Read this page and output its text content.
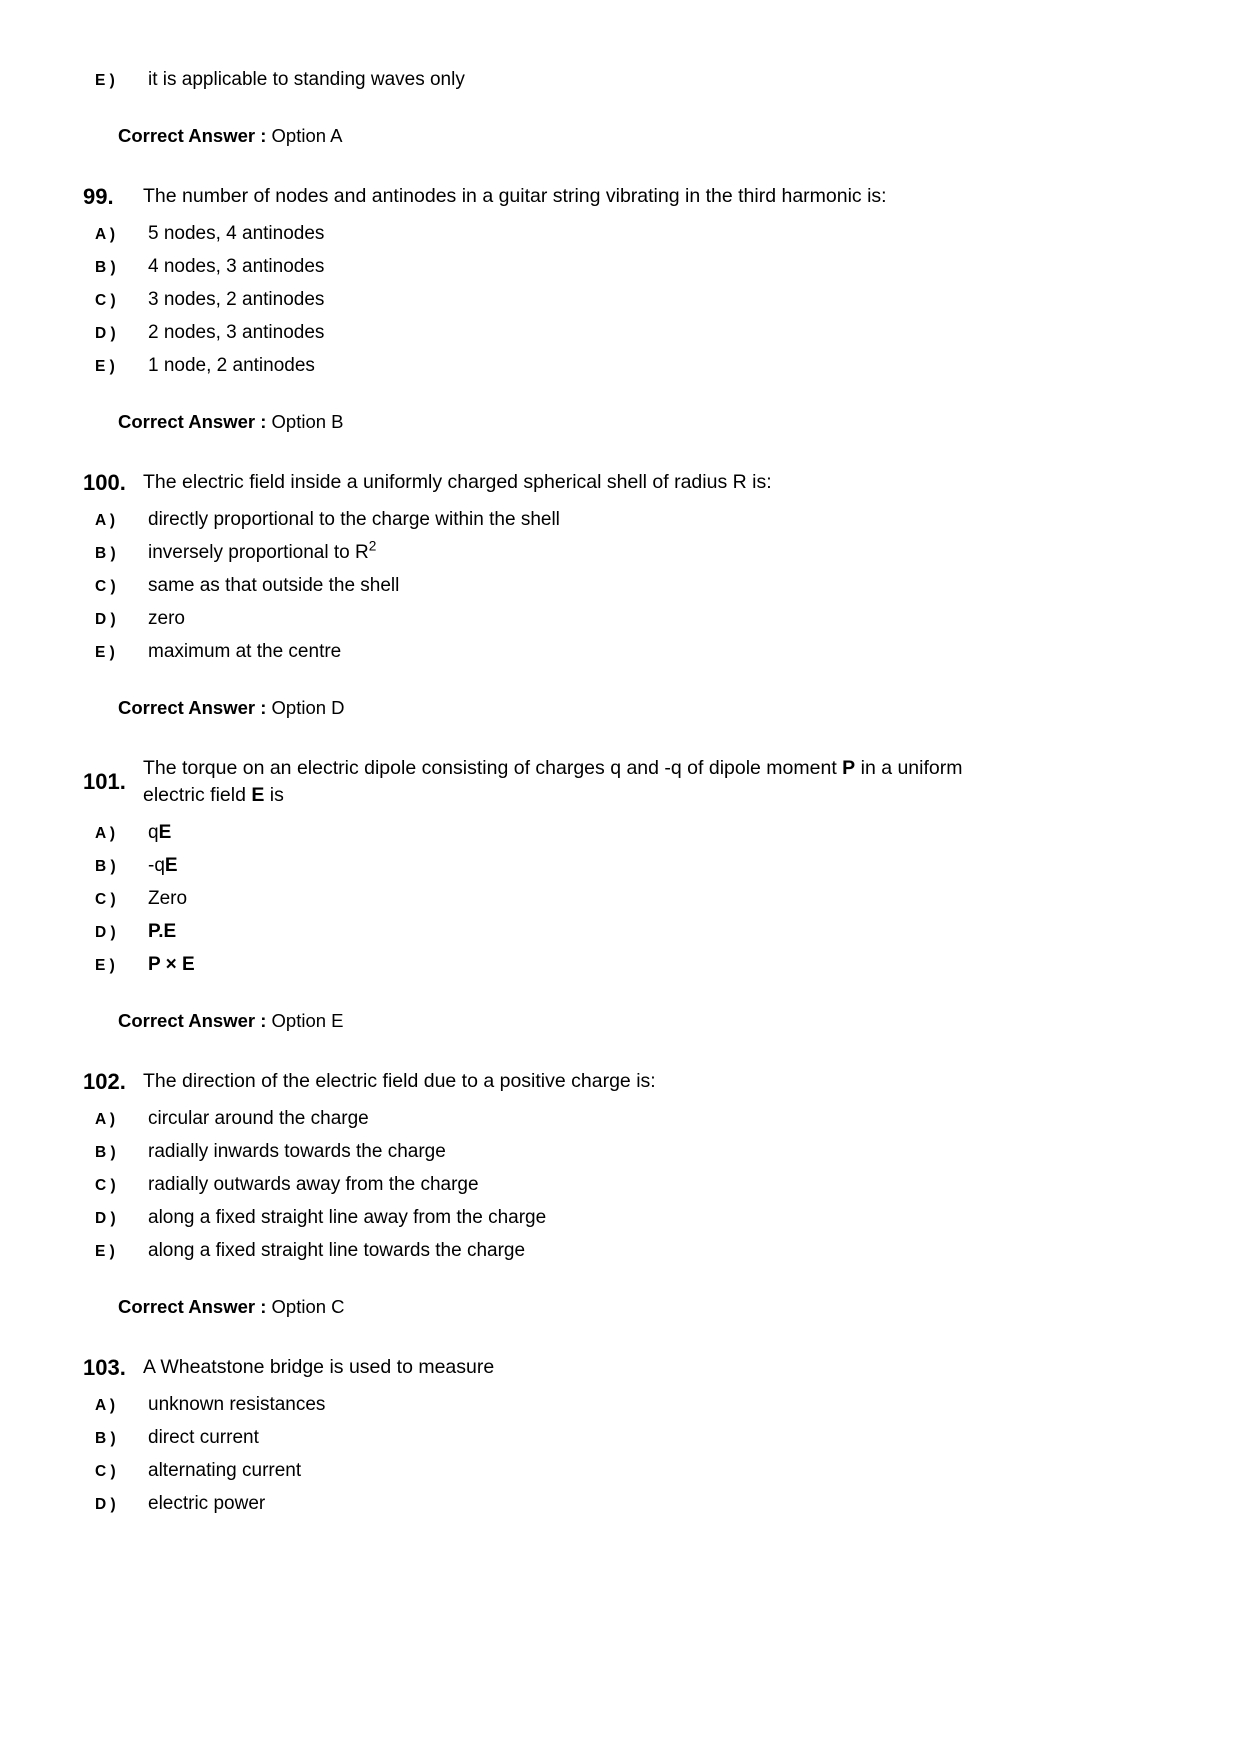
E )	it is applicable to standing waves only
Correct Answer : Option A
99.	The number of nodes and antinodes in a guitar string vibrating in the third harmonic is:
A )	5 nodes, 4 antinodes
B )	4 nodes, 3 antinodes
C )	3 nodes, 2 antinodes
D )	2 nodes, 3 antinodes
E )	1 node, 2 antinodes
Correct Answer : Option B
100. The electric field inside a uniformly charged spherical shell of radius R is:
A )	directly proportional to the charge within the shell
B )	inversely proportional to $R^2$
C )	same as that outside the shell
D )	zero
E )	maximum at the centre
Correct Answer : Option D
101.
The torque on an electric dipole consisting of charges q and -q of dipole moment P in a uniform electric field E is
A )	qE
B )	-qE
C )	Zero
D )	P.E
E )	P × E
Correct Answer : Option E
102. The direction of the electric field due to a positive charge is:
A )	circular around the charge
B )	radially inwards towards the charge
C )	radially outwards away from the charge
D )	along a fixed straight line away from the charge
E )	along a fixed straight line towards the charge
Correct Answer : Option C
103. A Wheatstone bridge is used to measure
A )	unknown resistances
B )	direct current
C )	alternating current
D )	electric power
